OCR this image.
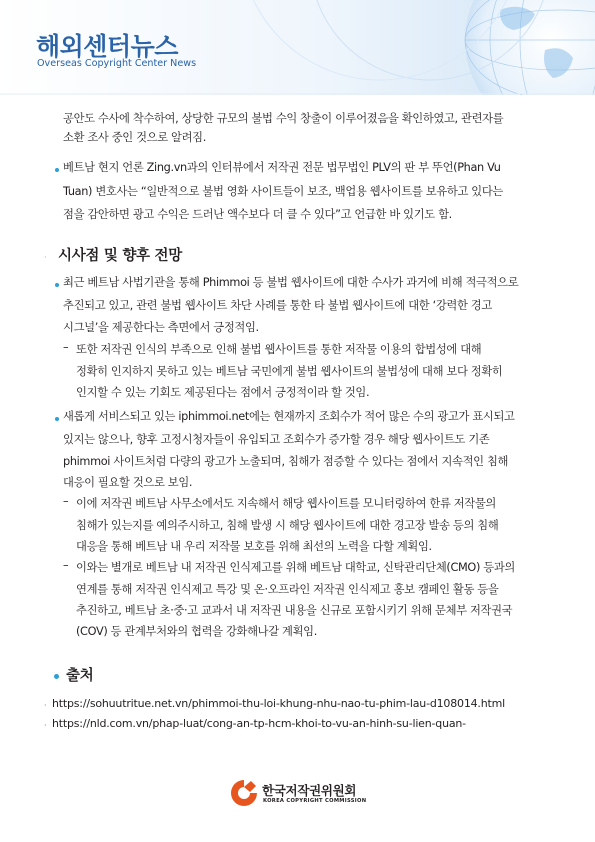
해외센터뉴스
Overseas Copyright Center News
공안도 수사에 착수하여, 상당한 규모의 불법 수익 창출이 이루어졌음을 확인하였고, 관련자를
소환 조사 중인 것으로 알려짐.
베트남 현지 언론 Zing.vn과의 인터뷰에서 저작권 전문 법무법인 PLV의 판 부 뚜언(Phan Vu
Tuan) 변호사는 “일반적으로 불법 영화 사이트들이 보조, 백업용 웹사이트를 보유하고 있다는
점을 감안하면 광고 수익은 드러난 액수보다 더 클 수 있다”고 언급한 바 있기도 함.
· 시사점 및 향후 전망
최근 베트남 사법기관을 통해 Phimmoi 등 불법 웹사이트에 대한 수사가 과거에 비해 적극적으로
추진되고 있고, 관련 불법 웹사이트 차단 사례를 통한 타 불법 웹사이트에 대한 ‘강력한 경고
시그널’을 제공한다는 측면에서 긍정적임.
– 또한 저작권 인식의 부족으로 인해 불법 웹사이트를 통한 저작물 이용의 합법성에 대해
정확히 인지하지 못하고 있는 베트남 국민에게 불법 웹사이트의 불법성에 대해 보다 정확히
인지할 수 있는 기회도 제공된다는 점에서 긍정적이라 할 것임.
새롭게 서비스되고 있는 iphimmoi.net에는 현재까지 조회수가 적어 많은 수의 광고가 표시되고
있지는 않으나, 향후 고정시청자들이 유입되고 조회수가 증가할 경우 해당 웹사이트도 기존
phimmoi 사이트처럼 다량의 광고가 노출되며, 침해가 점증할 수 있다는 점에서 지속적인 침해
대응이 필요할 것으로 보임.
– 이에 저작권 베트남 사무소에서도 지속해서 해당 웹사이트를 모니터링하여 한류 저작물의
침해가 있는지를 예의주시하고, 침해 발생 시 해당 웹사이트에 대한 경고장 발송 등의 침해
대응을 통해 베트남 내 우리 저작물 보호를 위해 최선의 노력을 다할 계획임.
– 이와는 별개로 베트남 내 저작권 인식제고를 위해 베트남 대학교, 신탁관리단체(CMO) 등과의
연계를 통해 저작권 인식제고 특강 및 온·오프라인 저작권 인식제고 홍보 캠페인 활동 등을
추진하고, 베트남 초·중·고 교과서 내 저작권 내용을 신규로 포함시키기 위해 문체부 저작권국
(COV) 등 관계부처와의 협력을 강화해나갈 계획임.
출처
· https://sohuutritue.net.vn/phimmoi-thu-loi-khung-nhu-nao-tu-phim-lau-d108014.html
· https://nld.com.vn/phap-luat/cong-an-tp-hcm-khoi-to-vu-an-hinh-su-lien-quan-
한국저작권위원회
KOREA COPYRIGHT COMMISSION
